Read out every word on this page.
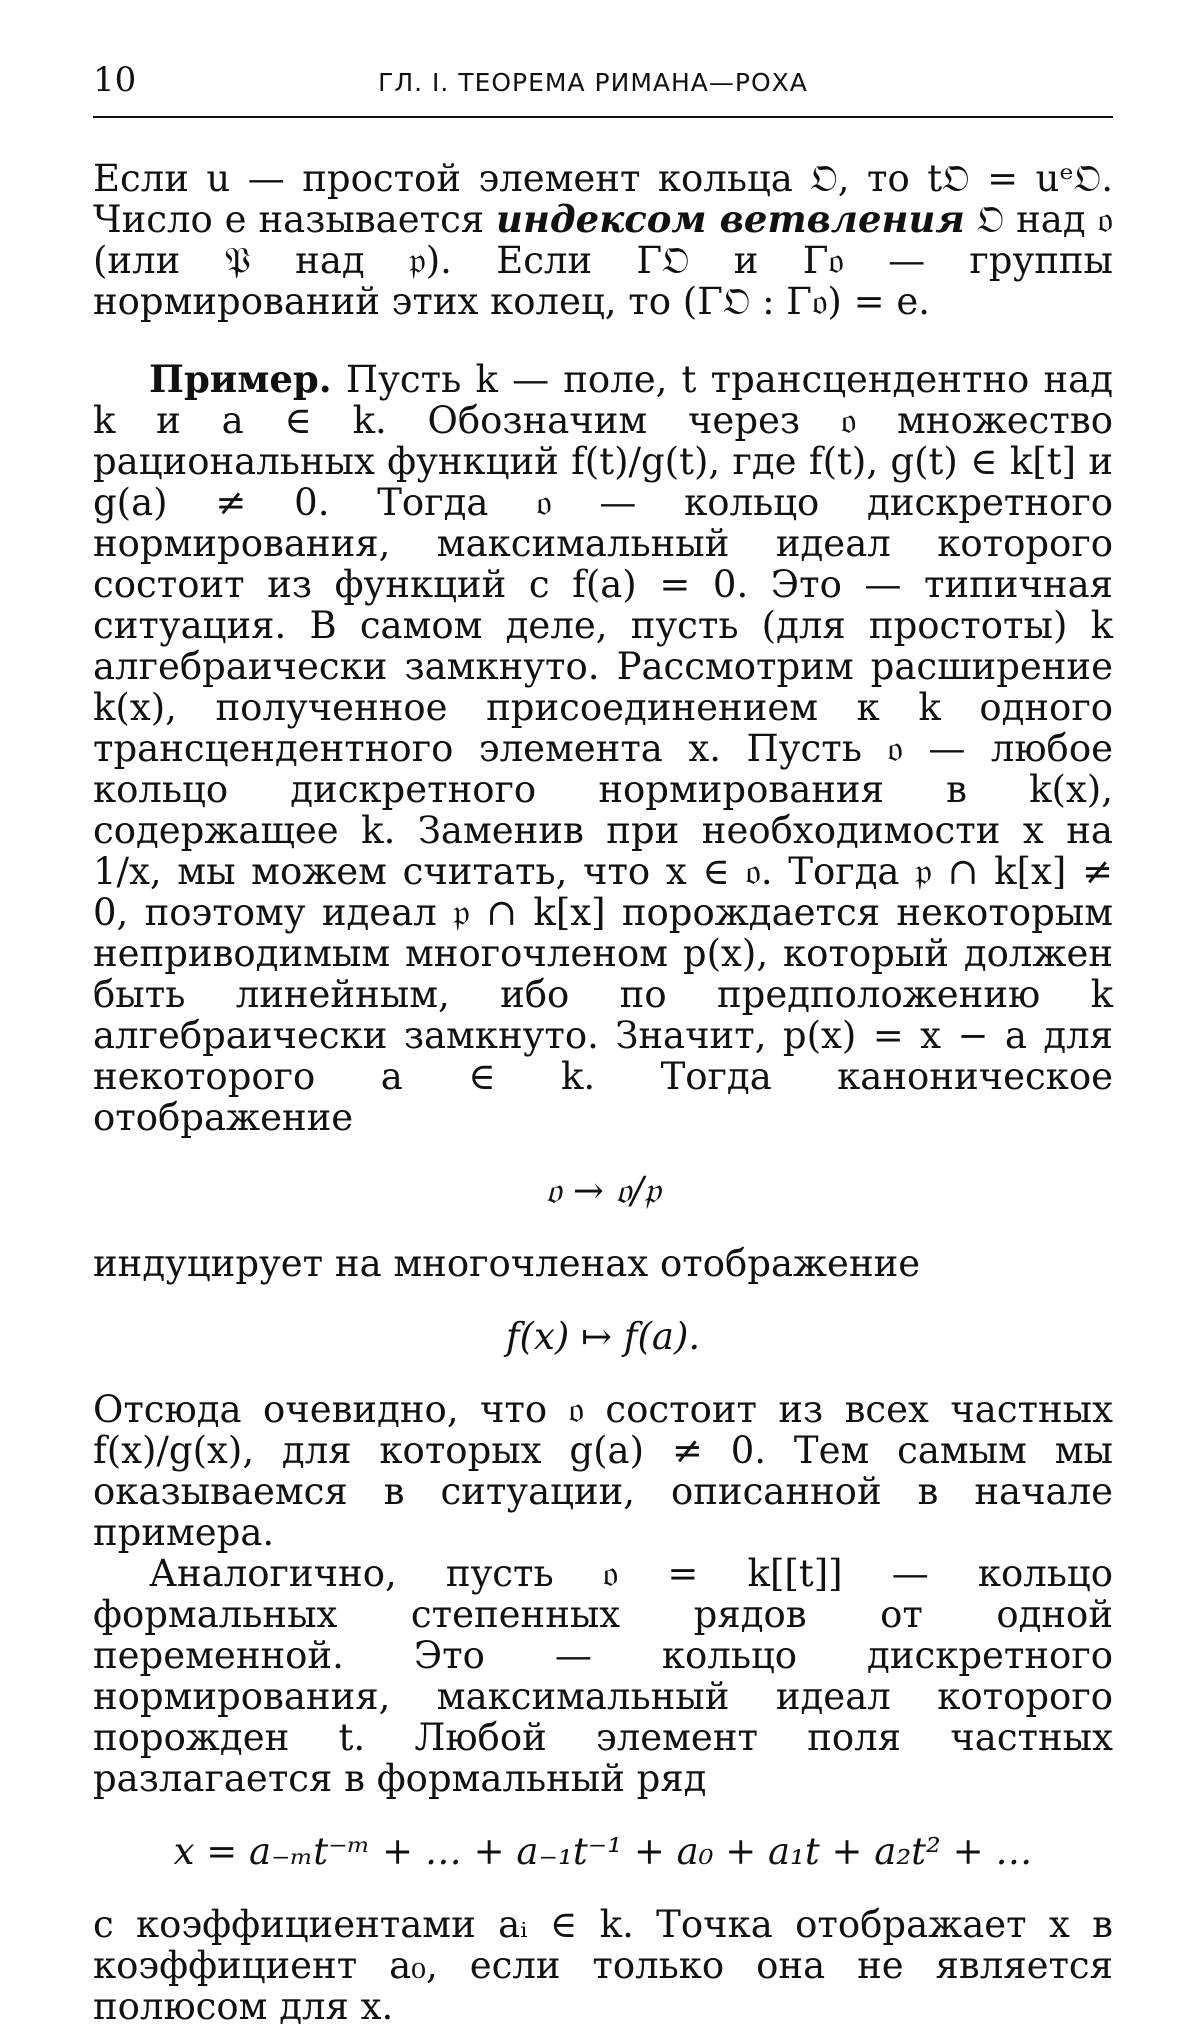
10	ГЛ. I. ТЕОРЕМА РИМАНА—РОХА

Если u — простой элемент кольца 𝔒, то t𝔒 = uᵉ𝔒. Число e называется индексом ветвления 𝔒 над 𝔬 (или 𝔓 над 𝔭). Если Γ𝔒 и Γ𝔬 — группы нормирований этих колец, то (Γ𝔒 : Γ𝔬) = e.

Пример. Пусть k — поле, t трансцендентно над k и a ∈ k. Обозначим через 𝔬 множество рациональных функций f(t)/g(t), где f(t), g(t) ∈ k[t] и g(a) ≠ 0. Тогда 𝔬 — кольцо дискретного нормирования, максимальный идеал которого состоит из функций с f(a) = 0. Это — типичная ситуация. В самом деле, пусть (для простоты) k алгебраически замкнуто. Рассмотрим расширение k(x), полученное присоединением к k одного трансцендентного элемента x. Пусть 𝔬 — любое кольцо дискретного нормирования в k(x), содержащее k. Заменив при необходимости x на 1/x, мы можем считать, что x ∈ 𝔬. Тогда 𝔭 ∩ k[x] ≠ 0, поэтому идеал 𝔭 ∩ k[x] порождается некоторым неприводимым многочленом p(x), который должен быть линейным, ибо по предположению k алгебраически замкнуто. Значит, p(x) = x − a для некоторого a ∈ k. Тогда каноническое отображение

𝔬 → 𝔬/𝔭

индуцирует на многочленах отображение

f(x) ↦ f(a).

Отсюда очевидно, что 𝔬 состоит из всех частных f(x)/g(x), для которых g(a) ≠ 0. Тем самым мы оказываемся в ситуации, описанной в начале примера.

Аналогично, пусть 𝔬 = k[[t]] — кольцо формальных степенных рядов от одной переменной. Это — кольцо дискретного нормирования, максимальный идеал которого порожден t. Любой элемент поля частных разлагается в формальный ряд

x = a₋ₘt⁻ᵐ + … + a₋₁t⁻¹ + a₀ + a₁t + a₂t² + …

с коэффициентами aᵢ ∈ k. Точка отображает x в коэффициент a₀, если только она не является полюсом для x.
